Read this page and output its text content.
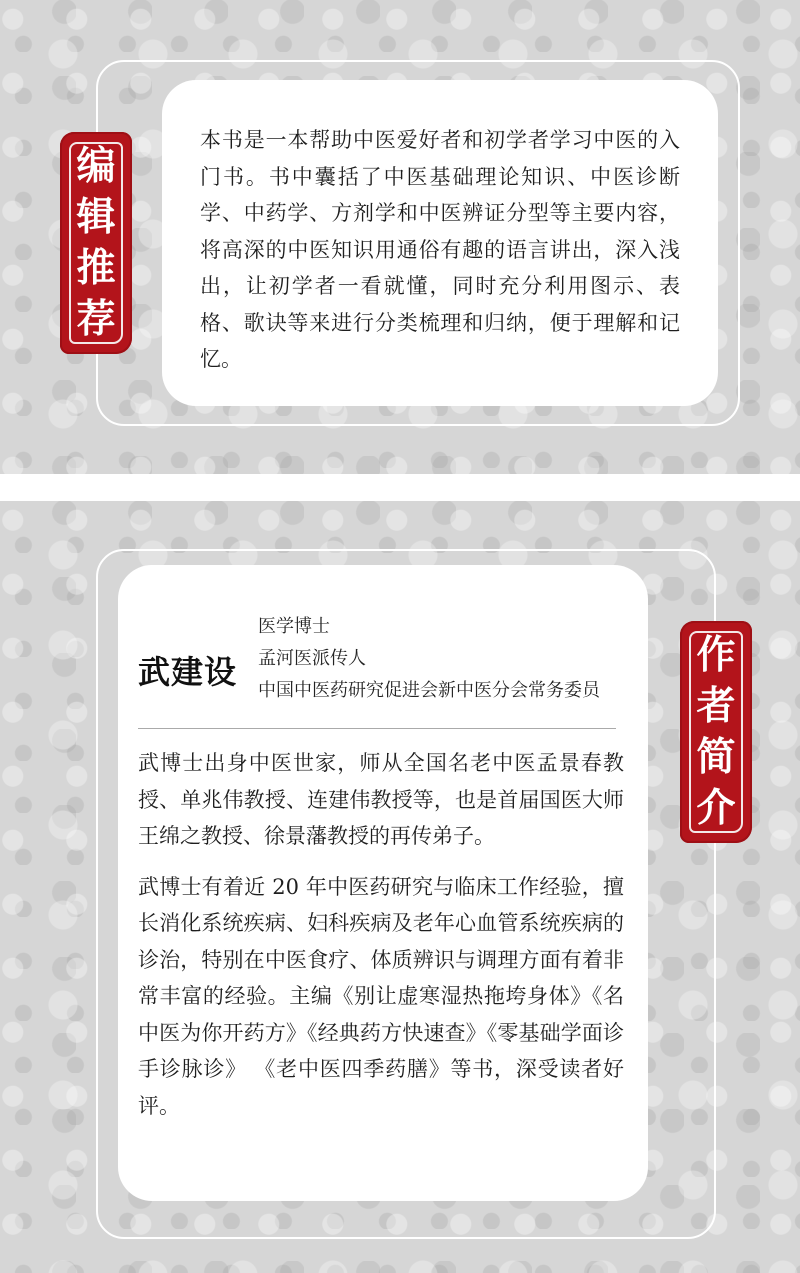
本书是一本帮助中医爱好者和初学者学习中医的入门书。书中囊括了中医基础理论知识、中医诊断学、中药学、方剂学和中医辨证分型等主要内容，将高深的中医知识用通俗有趣的语言讲出，深入浅出，让初学者一看就懂，同时充分利用图示、表格、歌诀等来进行分类梳理和归纳，便于理解和记忆。

编
辑
推
荐
武建设
医学博士
孟河医派传人
中国中医药研究促进会新中医分会常务委员

武博士出身中医世家，师从全国名老中医孟景春教授、单兆伟教授、连建伟教授等，也是首届国医大师王绵之教授、徐景藩教授的再传弟子。

武博士有着近 20 年中医药研究与临床工作经验，擅长消化系统疾病、妇科疾病及老年心血管系统疾病的诊治，特别在中医食疗、体质辨识与调理方面有着非常丰富的经验。主编《别让虚寒湿热拖垮身体》《名中医为你开药方》《经典药方快速查》《零基础学面诊手诊脉诊》 《老中医四季药膳》等书，深受读者好评。

作
者
简
介
